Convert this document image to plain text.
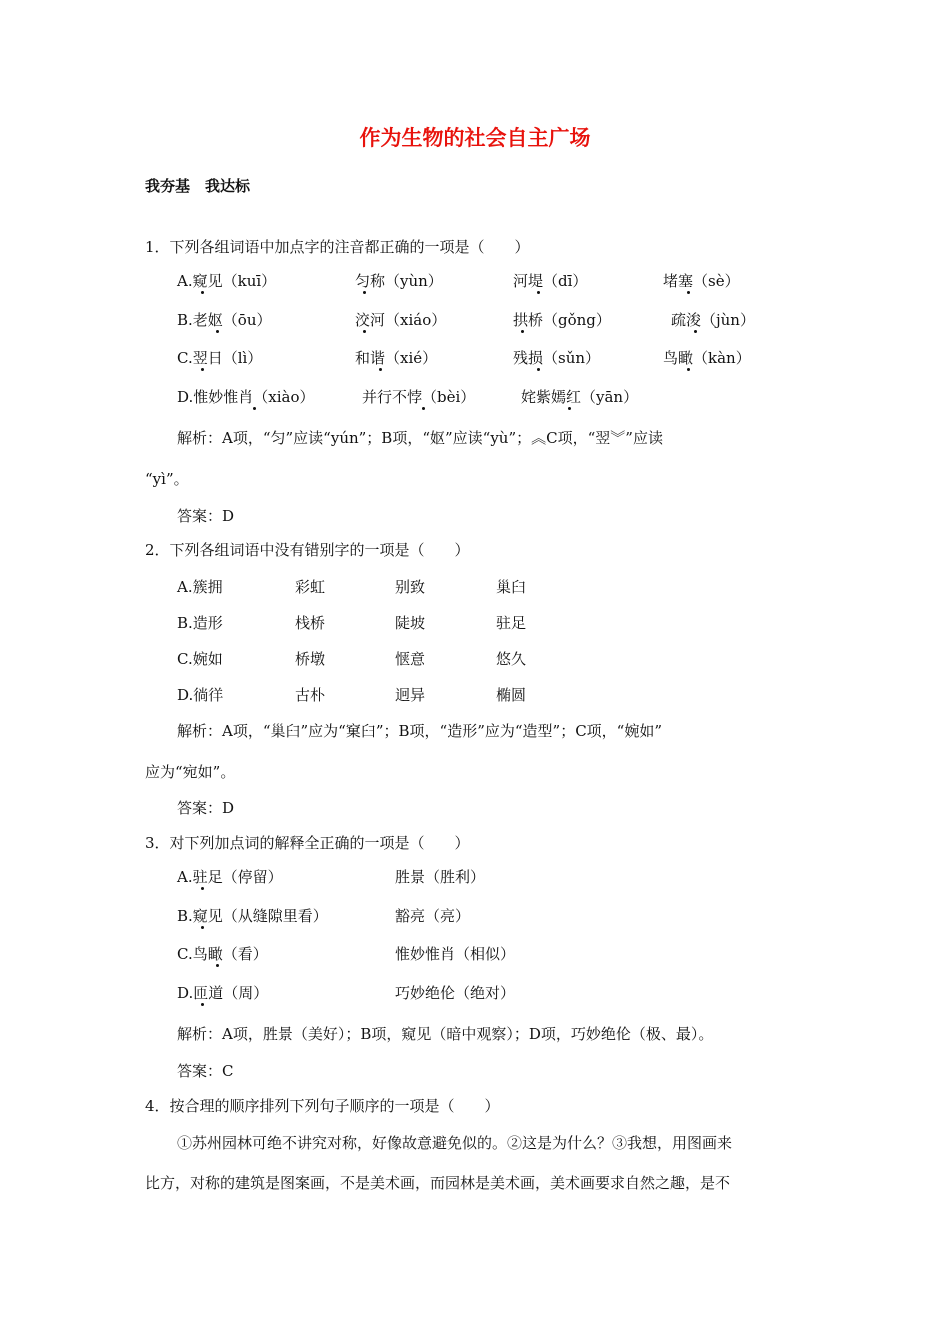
作为生物的社会自主广场
我夯基　我达标
1．下列各组词语中加点字的注音都正确的一项是（　　）
A.窥见（kuī）	匀称（yùn）	河堤（dī）	堵塞（sè）
B.老妪（ōu）	洨河（xiáo）	拱桥（gǒng）	疏浚（jùn）
C.翌日（lì）	和谐（xié）	残损（sǔn）	鸟瞰（kàn）
D.惟妙惟肖（xiào）	并行不悖（bèi）	姹紫嫣红（yān）
解析：A项，“匀”应读“yún”；B项，“妪”应读“yù”；︽C项，“翌︾”应读
“yì”。
答案：D
2．下列各组词语中没有错别字的一项是（　　）
A.簇拥	彩虹	别致	巢臼
B.造形	栈桥	陡坡	驻足
C.婉如	桥墩	惬意	悠久
D.徜徉	古朴	迥异	椭圆
解析：A项，“巢臼”应为“窠臼”；B项，“造形”应为“造型”；C项，“婉如”
应为“宛如”。
答案：D
3．对下列加点词的解释全正确的一项是（　　）
A.驻足（停留）	胜景（胜利）
B.窥见（从缝隙里看）	豁亮（亮）
C.鸟瞰（看）	惟妙惟肖（相似）
D.匝道（周）	巧妙绝伦（绝对）
解析：A项，胜景（美好）；B项，窥见（暗中观察）；D项，巧妙绝伦（极、最）。
答案：C
4．按合理的顺序排列下列句子顺序的一项是（　　）
①苏州园林可绝不讲究对称，好像故意避免似的。②这是为什么？③我想，用图画来
比方，对称的建筑是图案画，不是美术画，而园林是美术画，美术画要求自然之趣，是不
